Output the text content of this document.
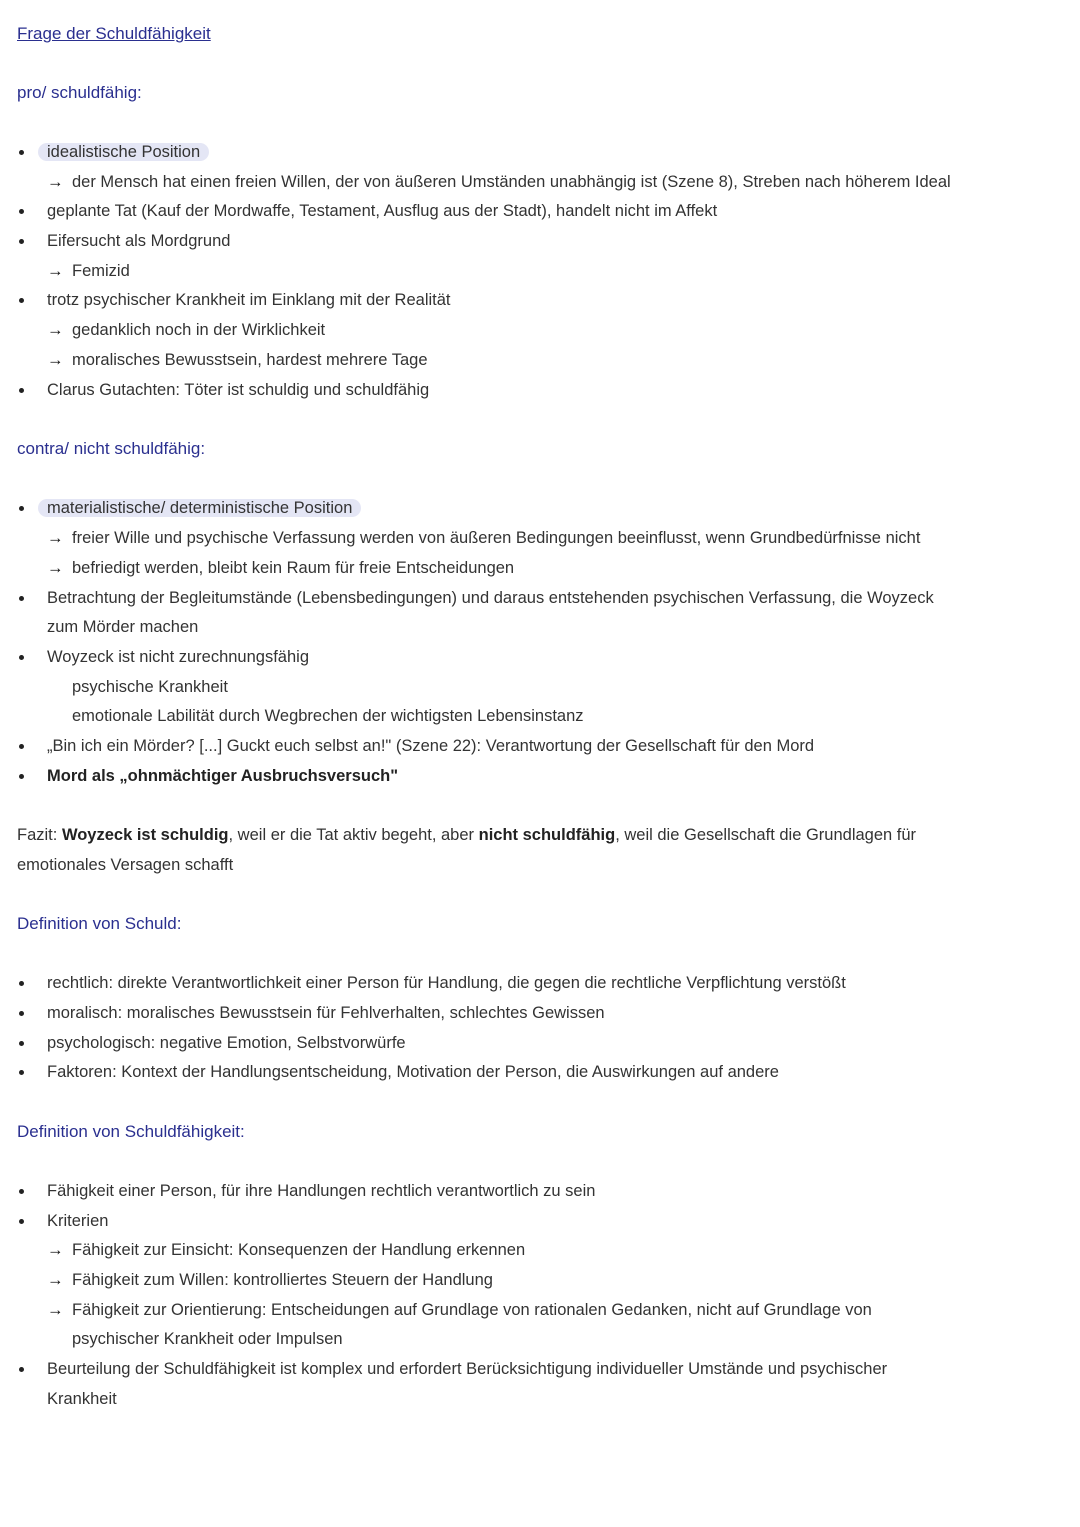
Frage der Schuldfähigkeit
pro/ schuldfähig:
idealistische Position
→ der Mensch hat einen freien Willen, der von äußeren Umständen unabhängig ist (Szene 8), Streben nach höherem Ideal
geplante Tat (Kauf der Mordwaffe, Testament, Ausflug aus der Stadt), handelt nicht im Affekt
Eifersucht als Mordgrund
→ Femizid
trotz psychischer Krankheit im Einklang mit der Realität
→ gedanklich noch in der Wirklichkeit
→ moralisches Bewusstsein, hardest mehrere Tage
Clarus Gutachten: Töter ist schuldig und schuldfähig
contra/ nicht schuldfähig:
materialistische/ deterministische Position
→ freier Wille und psychische Verfassung werden von äußeren Bedingungen beeinflusst, wenn Grundbedürfnisse nicht
→ befriedigt werden, bleibt kein Raum für freie Entscheidungen
Betrachtung der Begleitumstände (Lebensbedingungen) und daraus entstehenden psychischen Verfassung, die Woyzeck
zum Mörder machen
Woyzeck ist nicht zurechnungsfähig
psychische Krankheit
emotionale Labilität durch Wegbrechen der wichtigsten Lebensinstanz
„Bin ich ein Mörder? [...] Guckt euch selbst an!" (Szene 22): Verantwortung der Gesellschaft für den Mord
Mord als „ohnmächtiger Ausbruchsversuch"
Fazit: Woyzeck ist schuldig, weil er die Tat aktiv begeht, aber nicht schuldfähig, weil die Gesellschaft die Grundlagen für
emotionales Versagen schafft
Definition von Schuld:
rechtlich: direkte Verantwortlichkeit einer Person für Handlung, die gegen die rechtliche Verpflichtung verstößt
moralisch: moralisches Bewusstsein für Fehlverhalten, schlechtes Gewissen
psychologisch: negative Emotion, Selbstvorwürfe
Faktoren: Kontext der Handlungsentscheidung, Motivation der Person, die Auswirkungen auf andere
Definition von Schuldfähigkeit:
Fähigkeit einer Person, für ihre Handlungen rechtlich verantwortlich zu sein
Kriterien
→ Fähigkeit zur Einsicht: Konsequenzen der Handlung erkennen
→ Fähigkeit zum Willen: kontrolliertes Steuern der Handlung
→ Fähigkeit zur Orientierung: Entscheidungen auf Grundlage von rationalen Gedanken, nicht auf Grundlage von
psychischer Krankheit oder Impulsen
Beurteilung der Schuldfähigkeit ist komplex und erfordert Berücksichtigung individueller Umstände und psychischer
Krankheit
